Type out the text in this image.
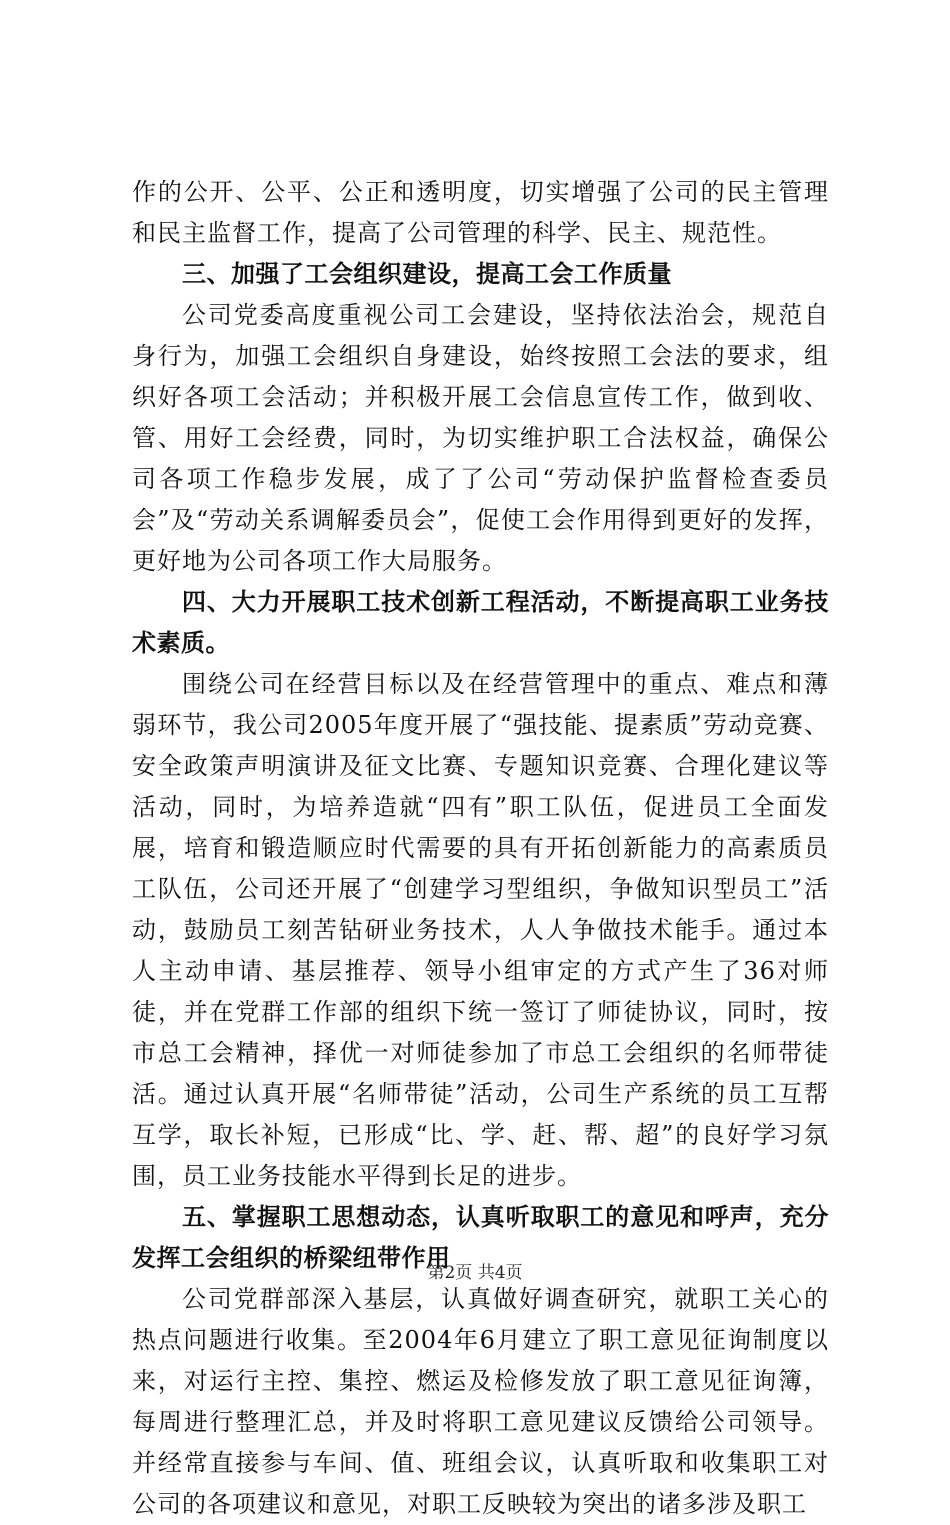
作的公开、公平、公正和透明度，切实增强了公司的民主管理和民主监督工作，提高了公司管理的科学、民主、规范性。

三、加强了工会组织建设，提高工会工作质量

公司党委高度重视公司工会建设，坚持依法治会，规范自身行为，加强工会组织自身建设，始终按照工会法的要求，组织好各项工会活动；并积极开展工会信息宣传工作，做到收、管、用好工会经费，同时，为切实维护职工合法权益，确保公司各项工作稳步发展，成了了公司“劳动保护监督检查委员会”及“劳动关系调解委员会”，促使工会作用得到更好的发挥，更好地为公司各项工作大局服务。

四、大力开展职工技术创新工程活动，不断提高职工业务技术素质。

围绕公司在经营目标以及在经营管理中的重点、难点和薄弱环节，我公司2005年度开展了“强技能、提素质”劳动竞赛、安全政策声明演讲及征文比赛、专题知识竞赛、合理化建议等活动，同时，为培养造就“四有”职工队伍，促进员工全面发展，培育和锻造顺应时代需要的具有开拓创新能力的高素质员工队伍，公司还开展了“创建学习型组织，争做知识型员工”活动，鼓励员工刻苦钻研业务技术，人人争做技术能手。通过本人主动申请、基层推荐、领导小组审定的方式产生了36对师徒，并在党群工作部的组织下统一签订了师徒协议，同时，按市总工会精神，择优一对师徒参加了市总工会组织的名师带徒活。通过认真开展“名师带徒”活动，公司生产系统的员工互帮互学，取长补短，已形成“比、学、赶、帮、超”的良好学习氛围，员工业务技能水平得到长足的进步。

五、掌握职工思想动态，认真听取职工的意见和呼声，充分发挥工会组织的桥梁纽带作用

公司党群部深入基层，认真做好调查研究，就职工关心的热点问题进行收集。至2004年6月建立了职工意见征询制度以来，对运行主控、集控、燃运及检修发放了职工意见征询簿，每周进行整理汇总，并及时将职工意见建议反馈给公司领导。并经常直接参与车间、值、班组会议，认真听取和收集职工对公司的各项建议和意见，对职工反映较为突出的诸多涉及职工

第2页 共4页
